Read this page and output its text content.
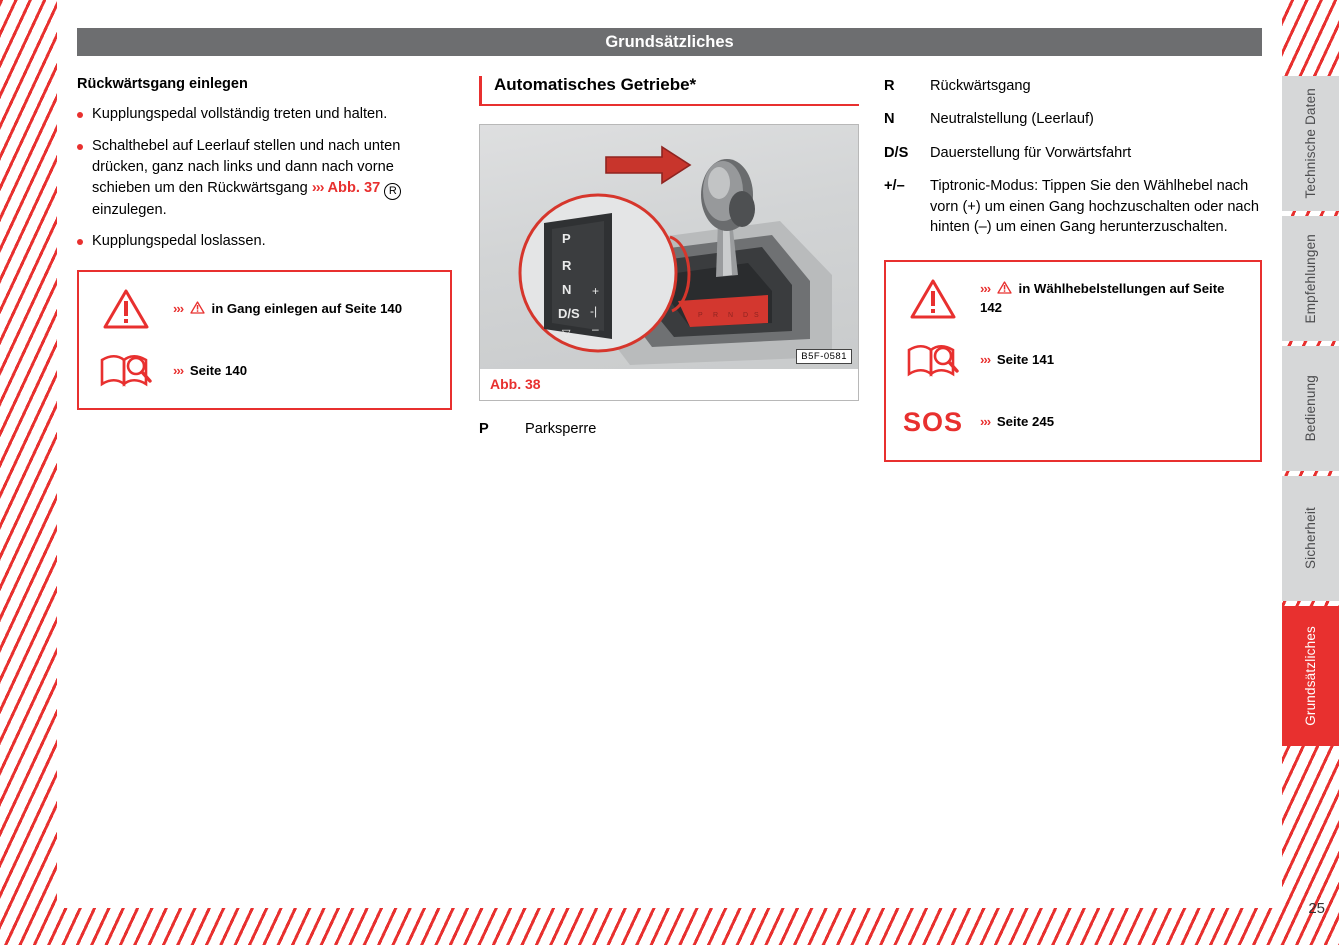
Grundsätzliches
Rückwärtsgang einlegen
Kupplungspedal vollständig treten und halten.
Schalthebel auf Leerlauf stellen und nach unten drücken, ganz nach links und dann nach vorne schieben um den Rückwärtsgang ››› Abb. 37 R einzulegen.
Kupplungspedal loslassen.
››› in Gang einlegen auf Seite 140
››› Seite 140
Automatisches Getriebe*
P R N D S
P
R
N
D/S
+
-|
–
▽
B5F-0581
Abb. 38
P	Parksperre
R	Rückwärtsgang
N	Neutralstellung (Leerlauf)
D/S	Dauerstellung für Vorwärtsfahrt
+/–	Tiptronic-Modus: Tippen Sie den Wählhebel nach vorn (+) um einen Gang hochzuschalten oder nach hinten (–) um einen Gang herunterzuschalten.
››› in Wählhebelstellungen auf Seite 142
››› Seite 141
SOS ››› Seite 245
Technische Daten
Empfehlungen
Bedienung
Sicherheit
Grundsätzliches
25
